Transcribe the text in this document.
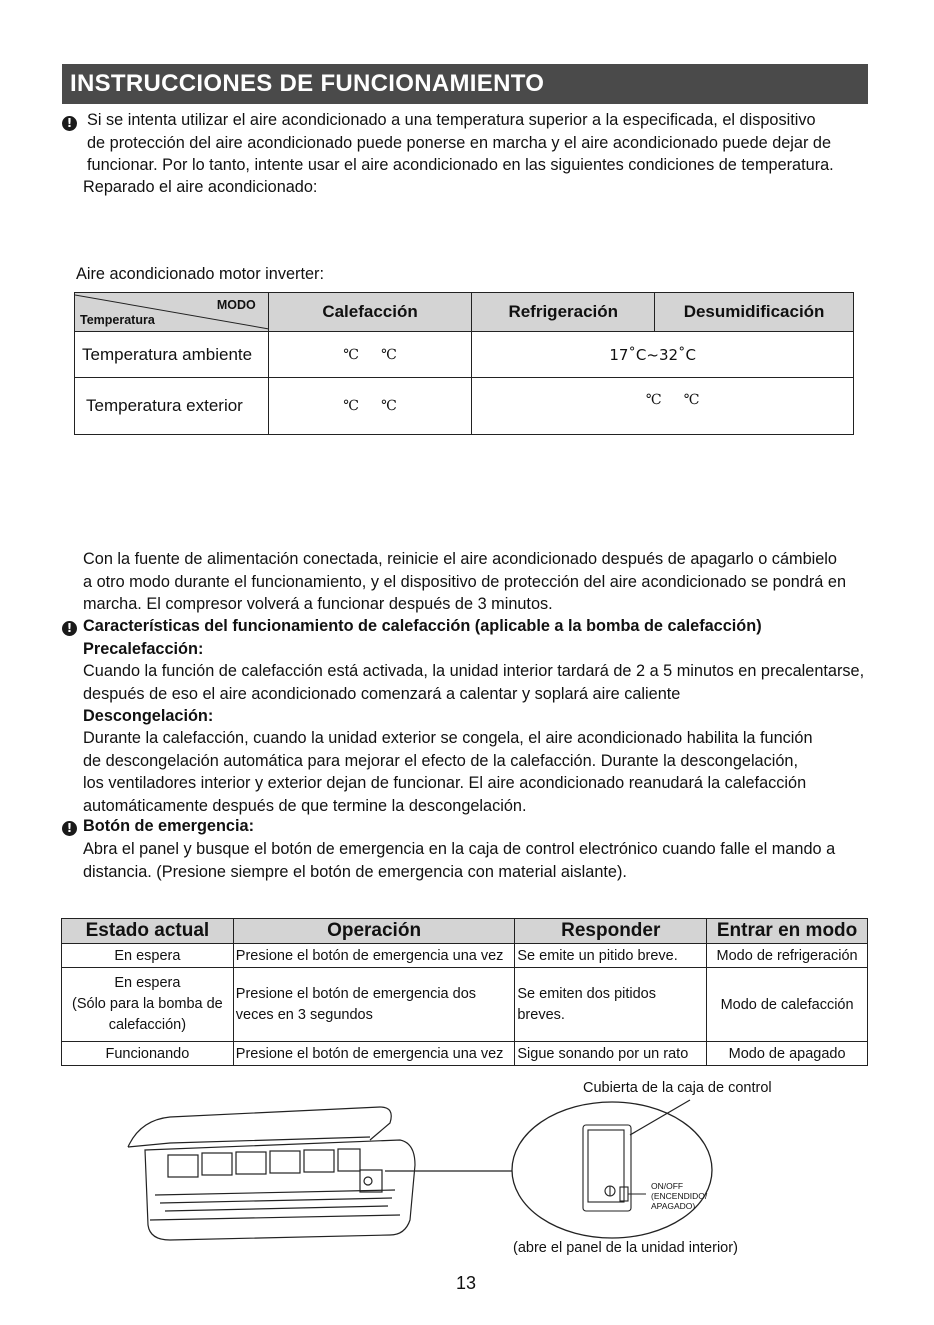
INSTRUCCIONES DE FUNCIONAMIENTO
! Si se intenta utilizar el aire acondicionado a una temperatura superior a la especificada, el dispositivo
de protección del aire acondicionado puede ponerse en marcha y el aire acondicionado puede dejar de
funcionar. Por lo tanto, intente usar el aire acondicionado en las siguientes condiciones de temperatura.
Reparado el aire acondicionado:
Aire acondicionado motor inverter:
MODO
Temperatura	Calefacción	Refrigeración	Desumidificación
Temperatura ambiente	℃     ℃	17˚C~32˚C	
Temperatura exterior	℃     ℃	℃     ℃	
Con la fuente de alimentación conectada, reinicie el aire acondicionado después de apagarlo o cámbielo
a otro modo durante el funcionamiento, y el dispositivo de protección del aire acondicionado se pondrá en
marcha. El compresor volverá a funcionar después de 3 minutos.
! Características del funcionamiento de calefacción (aplicable a la bomba de calefacción)
Precalefacción:
Cuando la función de calefacción está activada, la unidad interior tardará de 2 a 5 minutos en precalentarse,
después de eso el aire acondicionado comenzará a calentar y soplará aire caliente
Descongelación:
Durante la calefacción, cuando la unidad exterior se congela, el aire acondicionado habilita la función
de descongelación automática para mejorar el efecto de la calefacción. Durante la descongelación,
los ventiladores interior y exterior dejan de funcionar. El aire acondicionado reanudará la calefacción
automáticamente después de que termine la descongelación.
! Botón de emergencia:
Abra el panel y busque el botón de emergencia en la caja de control electrónico cuando falle el mando a
distancia. (Presione siempre el botón de emergencia con material aislante).
Estado actual	Operación	Responder	Entrar en modo
En espera	Presione el botón de emergencia una vez	Se emite un pitido breve.	Modo de refrigeración

En espera
(Sólo para la bomba de
calefacción)	Presione el botón de emergencia dos
veces en 3 segundos	Se emiten dos pitidos
breves.	Modo de calefacción
Funcionando	Presione el botón de emergencia una vez	Sigue sonando por un rato	Modo de apagado
Cubierta de la caja de control
ON/OFF
(ENCENDIDO/
APAGADO)
(abre el panel de la unidad interior)
13
